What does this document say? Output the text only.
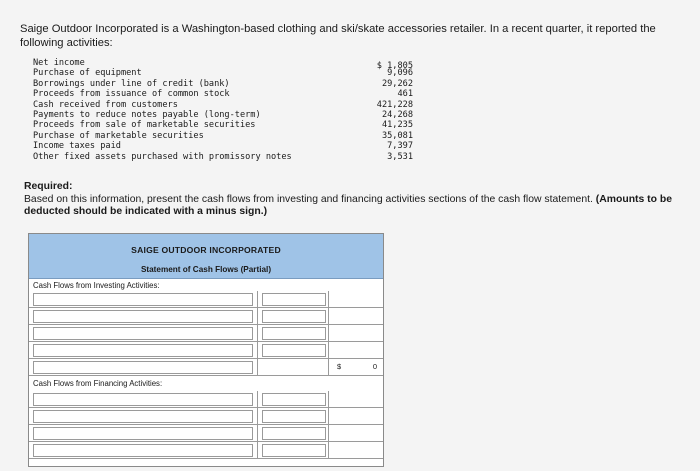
Saige Outdoor Incorporated is a Washington-based clothing and ski/skate accessories retailer. In a recent quarter, it reported the following activities:
Net income	$ 1,805
Purchase of equipment	9,096
Borrowings under line of credit (bank)	29,262
Proceeds from issuance of common stock	461
Cash received from customers	421,228
Payments to reduce notes payable (long-term)	24,268
Proceeds from sale of marketable securities	41,235
Purchase of marketable securities	35,081
Income taxes paid	7,397
Other fixed assets purchased with promissory notes	3,531
Required:
Based on this information, present the cash flows from investing and financing activities sections of the cash flow statement. (Amounts to be deducted should be indicated with a minus sign.)
SAIGE OUTDOOR INCORPORATED
Statement of Cash Flows (Partial)
Cash Flows from Investing Activities:
$	0
Cash Flows from Financing Activities:
